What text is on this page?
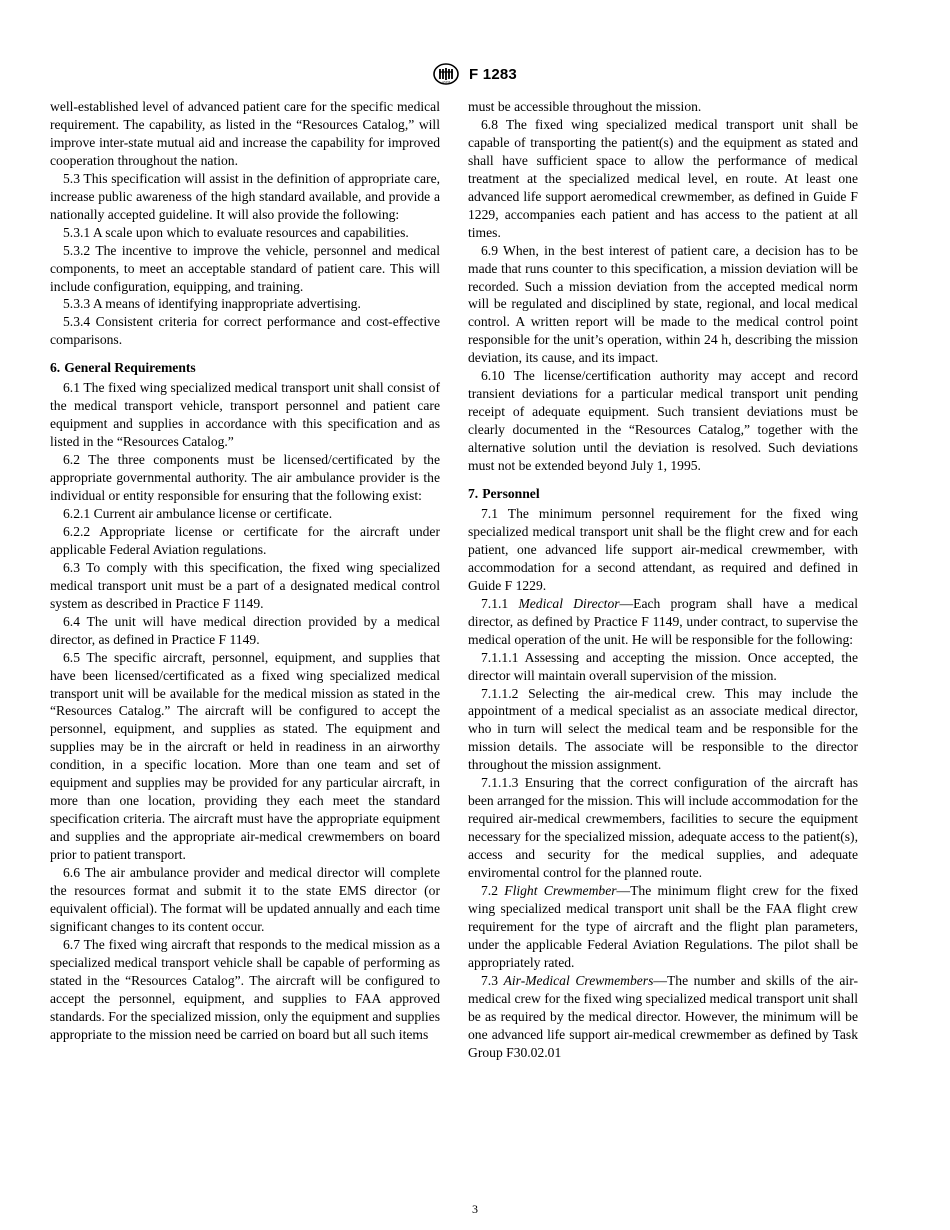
ASTM F 1283

well-established level of advanced patient care for the specific medical requirement. The capability, as listed in the “Resources Catalog,” will improve inter-state mutual aid and increase the capability for improved cooperation throughout the nation.

5.3 This specification will assist in the definition of appropriate care, increase public awareness of the high standard available, and provide a nationally accepted guideline. It will also provide the following:

5.3.1 A scale upon which to evaluate resources and capabilities.

5.3.2 The incentive to improve the vehicle, personnel and medical components, to meet an acceptable standard of patient care. This will include configuration, equipping, and training.

5.3.3 A means of identifying inappropriate advertising.

5.3.4 Consistent criteria for correct performance and cost-effective comparisons.

6. General Requirements

6.1 The fixed wing specialized medical transport unit shall consist of the medical transport vehicle, transport personnel and patient care equipment and supplies in accordance with this specification and as listed in the “Resources Catalog.”

6.2 The three components must be licensed/certificated by the appropriate governmental authority. The air ambulance provider is the individual or entity responsible for ensuring that the following exist:

6.2.1 Current air ambulance license or certificate.

6.2.2 Appropriate license or certificate for the aircraft under applicable Federal Aviation regulations.

6.3 To comply with this specification, the fixed wing specialized medical transport unit must be a part of a designated medical control system as described in Practice F 1149.

6.4 The unit will have medical direction provided by a medical director, as defined in Practice F 1149.

6.5 The specific aircraft, personnel, equipment, and supplies that have been licensed/certificated as a fixed wing specialized medical transport unit will be available for the medical mission as stated in the “Resources Catalog.” The aircraft will be configured to accept the personnel, equipment, and supplies as stated. The equipment and supplies may be in the aircraft or held in readiness in an airworthy condition, in a specific location. More than one team and set of equipment and supplies may be provided for any particular aircraft, in more than one location, providing they each meet the standard specification criteria. The aircraft must have the appropriate equipment and supplies and the appropriate air-medical crewmembers on board prior to patient transport.

6.6 The air ambulance provider and medical director will complete the resources format and submit it to the state EMS director (or equivalent official). The format will be updated annually and each time significant changes to its content occur.

6.7 The fixed wing aircraft that responds to the medical mission as a specialized medical transport vehicle shall be capable of performing as stated in the “Resources Catalog”. The aircraft will be configured to accept the personnel, equipment, and supplies to FAA approved standards. For the specialized mission, only the equipment and supplies appropriate to the mission need be carried on board but all such items

must be accessible throughout the mission.

6.8 The fixed wing specialized medical transport unit shall be capable of transporting the patient(s) and the equipment as stated and shall have sufficient space to allow the performance of medical treatment at the specialized medical level, en route. At least one advanced life support aeromedical crewmember, as defined in Guide F 1229, accompanies each patient and has access to the patient at all times.

6.9 When, in the best interest of patient care, a decision has to be made that runs counter to this specification, a mission deviation will be recorded. Such a mission deviation from the accepted medical norm will be regulated and disciplined by state, regional, and local medical control. A written report will be made to the medical control point responsible for the unit’s operation, within 24 h, describing the mission deviation, its cause, and its impact.

6.10 The license/certification authority may accept and record transient deviations for a particular medical transport unit pending receipt of adequate equipment. Such transient deviations must be clearly documented in the “Resources Catalog,” together with the alternative solution until the deviation is resolved. Such deviations must not be extended beyond July 1, 1995.

7. Personnel

7.1 The minimum personnel requirement for the fixed wing specialized medical transport unit shall be the flight crew and for each patient, one advanced life support air-medical crewmember, with accommodation for a second attendant, as required and defined in Guide F 1229.

7.1.1 Medical Director—Each program shall have a medical director, as defined by Practice F 1149, under contract, to supervise the medical operation of the unit. He will be responsible for the following:

7.1.1.1 Assessing and accepting the mission. Once accepted, the director will maintain overall supervision of the mission.

7.1.1.2 Selecting the air-medical crew. This may include the appointment of a medical specialist as an associate medical director, who in turn will select the medical team and be responsible for the mission details. The associate will be responsible to the director throughout the mission assignment.

7.1.1.3 Ensuring that the correct configuration of the aircraft has been arranged for the mission. This will include accommodation for the required air-medical crewmembers, facilities to secure the equipment necessary for the specialized mission, adequate access to the patient(s), access and security for the medical supplies, and adequate enviromental control for the planned route.

7.2 Flight Crewmember—The minimum flight crew for the fixed wing specialized medical transport unit shall be the FAA flight crew requirement for the type of aircraft and the flight plan parameters, under the applicable Federal Aviation Regulations. The pilot shall be appropriately rated.

7.3 Air-Medical Crewmembers—The number and skills of the air-medical crew for the fixed wing specialized medical transport unit shall be as required by the medical director. However, the minimum will be one advanced life support air-medical crewmember as defined by Task Group F30.02.01

3
